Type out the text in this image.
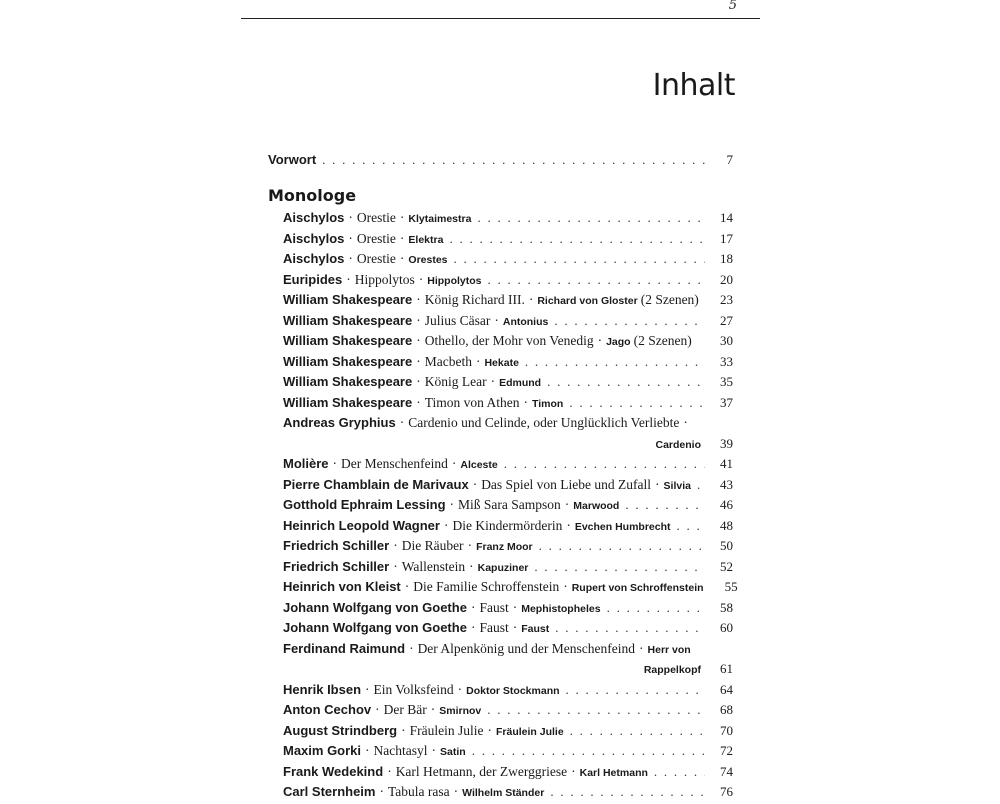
5
Inhalt
Vorwort . . .	7
Monologe
Aischylos · Orestie · Klytaimestra . . .	14
Aischylos · Orestie · Elektra . . .	17
Aischylos · Orestie · Orestes . . .	18
Euripides · Hippolytos · Hippolytos . . .	20
William Shakespeare · König Richard III. · Richard von Gloster (2 Szenen)	23
William Shakespeare · Julius Cäsar · Antonius . . .	27
William Shakespeare · Othello, der Mohr von Venedig · Jago (2 Szenen)	30
William Shakespeare · Macbeth · Hekate . . .	33
William Shakespeare · König Lear · Edmund . . .	35
William Shakespeare · Timon von Athen · Timon . . .	37
Andreas Gryphius · Cardenio und Celinde, oder Unglücklich Verliebte ·
Cardenio	39
Molière · Der Menschenfeind · Alceste . . .	41
Pierre Chamblain de Marivaux · Das Spiel von Liebe und Zufall · Silvia . . .	43
Gotthold Ephraim Lessing · Miß Sara Sampson · Marwood . . .	46
Heinrich Leopold Wagner · Die Kindermörderin · Evchen Humbrecht . . .	48
Friedrich Schiller · Die Räuber · Franz Moor . . .	50
Friedrich Schiller · Wallenstein · Kapuziner . . .	52
Heinrich von Kleist · Die Familie Schroffenstein · Rupert von Schroffenstein	55
Johann Wolfgang von Goethe · Faust · Mephistopheles . . .	58
Johann Wolfgang von Goethe · Faust · Faust . . .	60
Ferdinand Raimund · Der Alpenkönig und der Menschenfeind · Herr von
Rappelkopf	61
Henrik Ibsen · Ein Volksfeind · Doktor Stockmann . . .	64
Anton Cechov · Der Bär · Smirnov . . .	68
August Strindberg · Fräulein Julie · Fräulein Julie . . .	70
Maxim Gorki · Nachtasyl · Satin . . .	72
Frank Wedekind · Karl Hetmann, der Zwerggriese · Karl Hetmann . . .	74
Carl Sternheim · Tabula rasa · Wilhelm Ständer . . .	76
